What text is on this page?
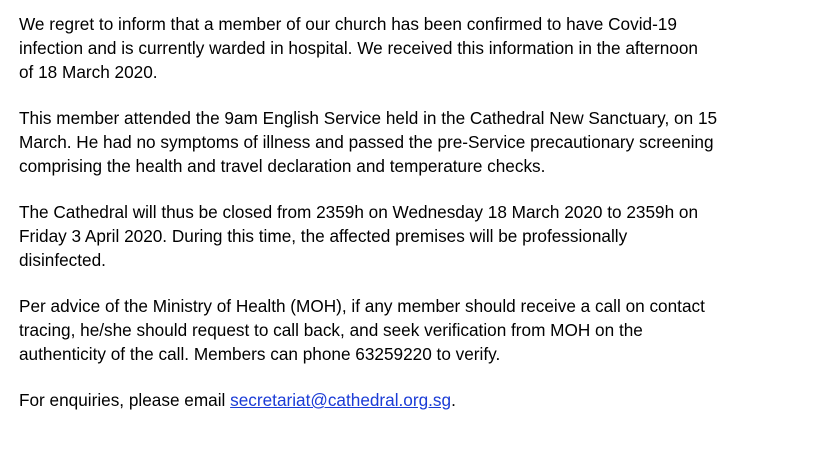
We regret to inform that a member of our church has been confirmed to have Covid-19
infection and is currently warded in hospital. We received this information in the afternoon
of 18 March 2020.

This member attended the 9am English Service held in the Cathedral New Sanctuary, on 15
March. He had no symptoms of illness and passed the pre-Service precautionary screening
comprising the health and travel declaration and temperature checks.

The Cathedral will thus be closed from 2359h on Wednesday 18 March 2020 to 2359h on
Friday 3 April 2020. During this time, the affected premises will be professionally
disinfected.

Per advice of the Ministry of Health (MOH), if any member should receive a call on contact
tracing, he/she should request to call back, and seek verification from MOH on the
authenticity of the call. Members can phone 63259220 to verify.

For enquiries, please email secretariat@cathedral.org.sg.
